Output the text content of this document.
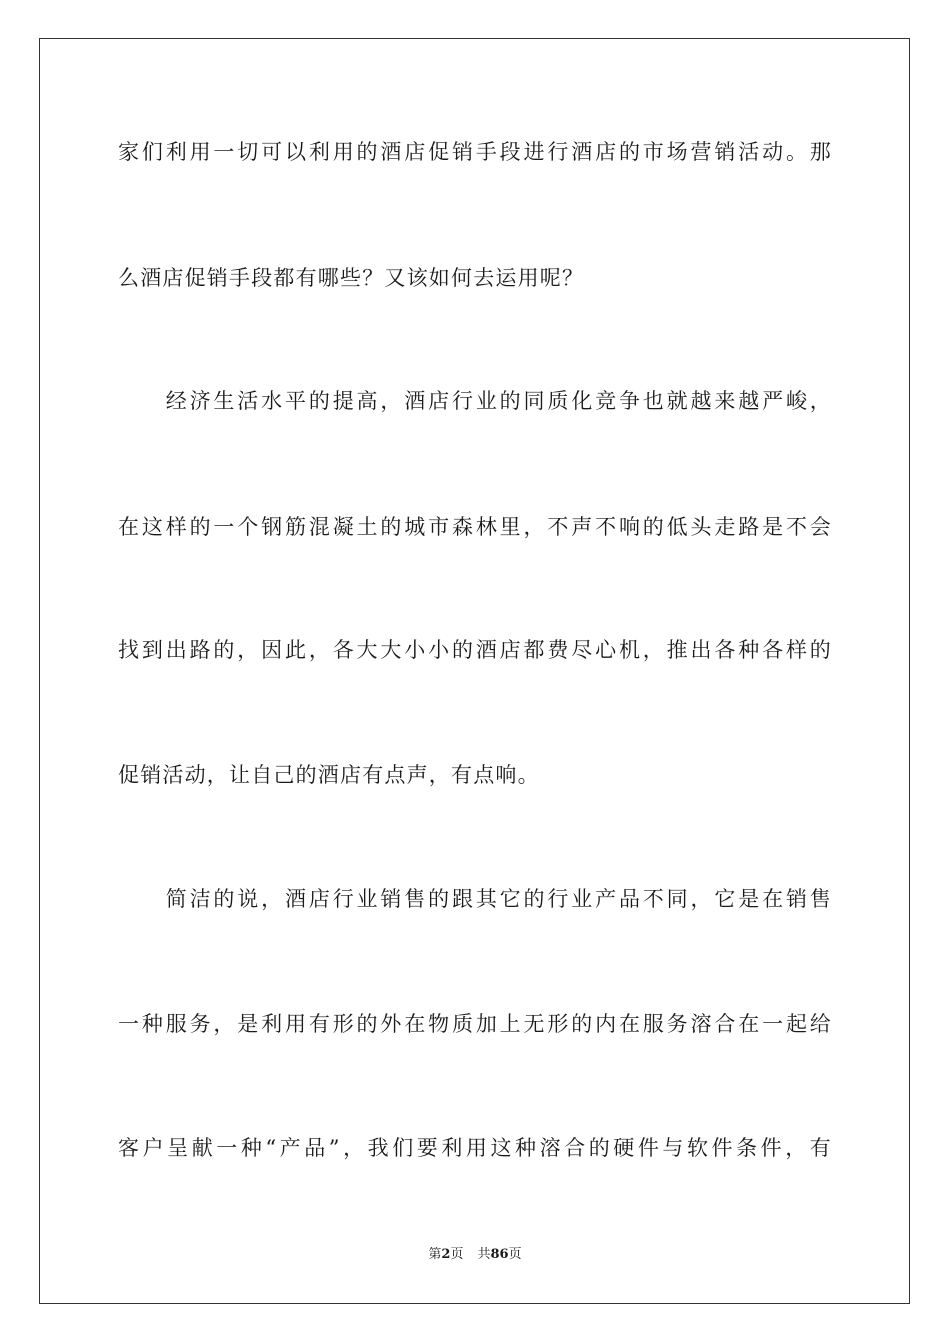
家们利用一切可以利用的酒店促销手段进行酒店的市场营销活动。那
么酒店促销手段都有哪些？又该如何去运用呢？
　　经济生活水平的提高，酒店行业的同质化竞争也就越来越严峻，
在这样的一个钢筋混凝土的城市森林里，不声不响的低头走路是不会
找到出路的，因此，各大大小小的酒店都费尽心机，推出各种各样的
促销活动，让自己的酒店有点声，有点响。
　　简洁的说，酒店行业销售的跟其它的行业产品不同，它是在销售
一种服务，是利用有形的外在物质加上无形的内在服务溶合在一起给
客户呈献一种“产品”，我们要利用这种溶合的硬件与软件条件，有
第2页 共86页
